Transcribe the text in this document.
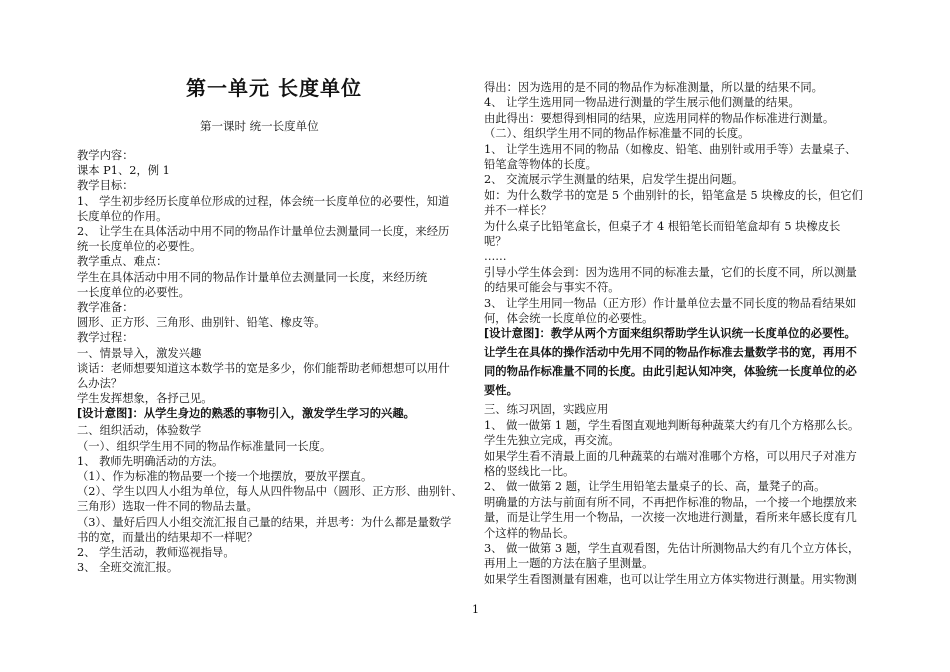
第一单元 长度单位
第一课时 统一长度单位
教学内容：
课本 P1、2，例 1
教学目标：
1、 学生初步经历长度单位形成的过程，体会统一长度单位的必要性，知道
长度单位的作用。
2、 让学生在具体活动中用不同的物品作计量单位去测量同一长度，来经历
统一长度单位的必要性。
教学重点、难点：
学生在具体活动中用不同的物品作计量单位去测量同一长度，来经历统
一长度单位的必要性。
教学准备：
圆形、正方形、三角形、曲别针、铅笔、橡皮等。
教学过程：
一、情景导入，激发兴趣
谈话：老师想要知道这本数学书的宽是多少，你们能帮助老师想想可以用什
么办法？
学生发挥想象，各抒己见。
[设计意图]：从学生身边的熟悉的事物引入，激发学生学习的兴趣。
二、组织活动，体验数学
（一）、组织学生用不同的物品作标准量同一长度。
1、 教师先明确活动的方法。
（1）、作为标准的物品要一个接一个地摆放，要放平摆直。
（2）、学生以四人小组为单位，每人从四件物品中（圆形、正方形、曲别针、
三角形）选取一件不同的物品去量。
（3）、量好后四人小组交流汇报自己量的结果，并思考：为什么都是量数学
书的宽，而量出的结果却不一样呢？
2、 学生活动，教师巡视指导。
3、 全班交流汇报。
得出：因为选用的是不同的物品作为标准测量，所以量的结果不同。
4、 让学生选用同一物品进行测量的学生展示他们测量的结果。
由此得出：要想得到相同的结果，应选用同样的物品作标准进行测量。
（二）、组织学生用不同的物品作标准量不同的长度。
1、 让学生选用不同的物品（如橡皮、铅笔、曲别针或用手等）去量桌子、
铅笔盒等物体的长度。
2、 交流展示学生测量的结果，启发学生提出问题。
如：为什么数学书的宽是 5 个曲别针的长，铅笔盒是 5 块橡皮的长，但它们
并不一样长？
为什么桌子比铅笔盒长，但桌子才 4 根铅笔长而铅笔盒却有 5 块橡皮长
呢？
……
引导小学生体会到：因为选用不同的标准去量，它们的长度不同，所以测量
的结果可能会与事实不符。
3、 让学生用同一物品（正方形）作计量单位去量不同长度的物品看结果如
何，体会统一长度单位的必要性。
[设计意图]：教学从两个方面来组织帮助学生认识统一长度单位的必要性。
让学生在具体的操作活动中先用不同的物品作标准去量数学书的宽，再用不
同的物品作标准量不同的长度。由此引起认知冲突，体验统一长度单位的必
要性。
三、练习巩固，实践应用
1、 做一做第 1 题，学生看图直观地判断每种蔬菜大约有几个方格那么长。
学生先独立完成，再交流。
如果学生看不清最上面的几种蔬菜的右端对准哪个方格，可以用尺子对准方
格的竖线比一比。
2、 做一做第 2 题，让学生用铅笔去量桌子的长、高，量凳子的高。
明确量的方法与前面有所不同，不再把作标准的物品，一个接一个地摆放来
量，而是让学生用一个物品，一次接一次地进行测量，看所来年感长度有几
个这样的物品长。
3、 做一做第 3 题，学生直观看图，先估计所测物品大约有几个立方体长，
再用上一题的方法在脑子里测量。
如果学生看图测量有困难，也可以让学生用立方体实物进行测量。用实物测
1
